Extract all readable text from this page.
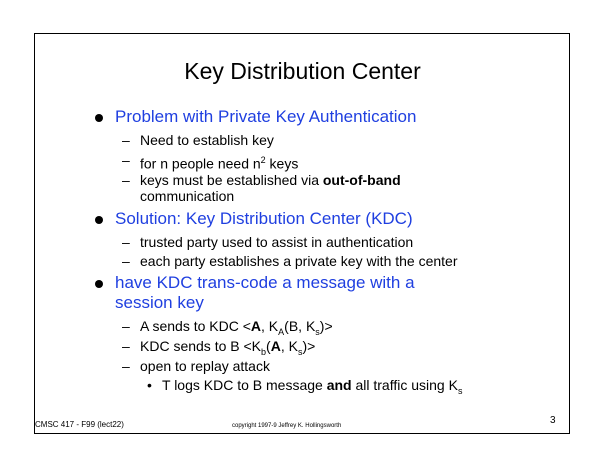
Key Distribution Center
Problem with Private Key Authentication
– Need to establish key
– for n people need $n^2$ keys
– keys must be established via out-of-band
communication
Solution: Key Distribution Center (KDC)
– trusted party used to assist in authentication
– each party establishes a private key with the center
have KDC trans-code a message with a
session key
– A sends to KDC <A, $K_A(B$, $K_s)>$
– KDC sends to $B <K_b(A$, $K_s)>$
– open to replay attack
• T logs KDC to B message and all traffic using $K_s$
CMSC 417 - F99 (lect22)	copyright 1997-9 Jeffrey K. Hollingsworth	3
